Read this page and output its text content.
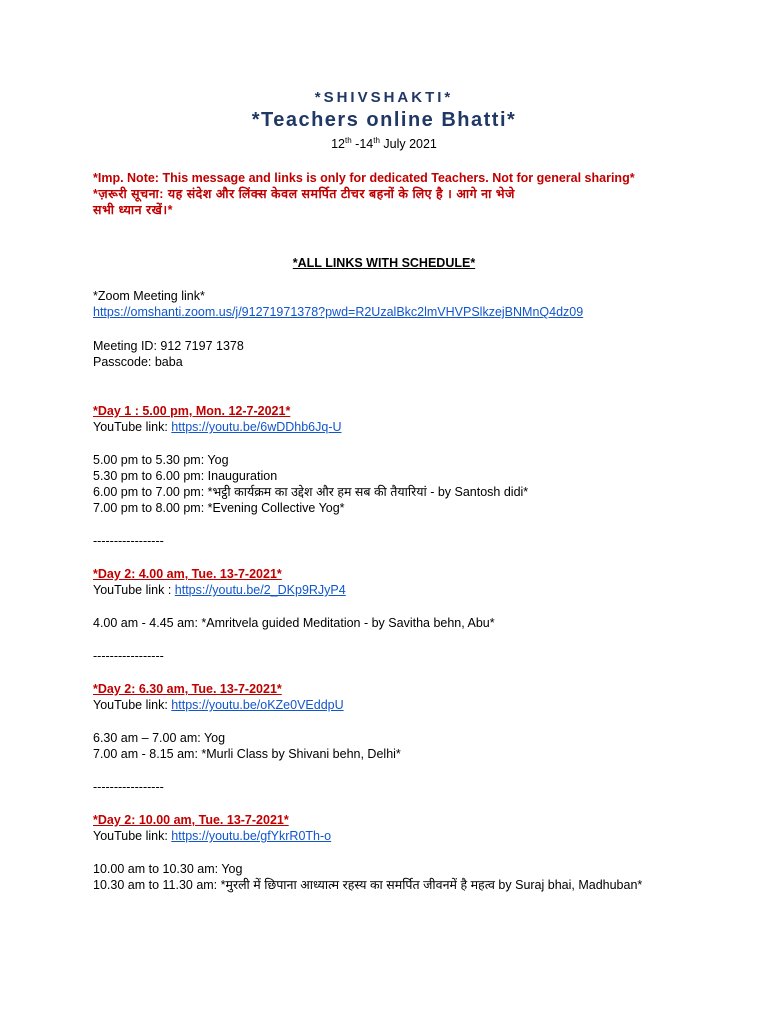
*SHIVSHAKTI*
*Teachers online Bhatti*
12th -14th July 2021
*Imp. Note: This message and links is only for dedicated Teachers. Not for general sharing*
*ज़रूरी सूचना: यह संदेश और लिंक्स केवल समर्पित टीचर बहनों के लिए है । आगे ना भेजे
सभी ध्यान रखें।*
*ALL LINKS WITH SCHEDULE*
*Zoom Meeting link*
https://omshanti.zoom.us/j/91271971378?pwd=R2UzalBkc2lmVHVPSlkzejBNMnQ4dz09
Meeting ID: 912 7197 1378
Passcode: baba
*Day 1 : 5.00 pm, Mon. 12-7-2021*
YouTube link: https://youtu.be/6wDDhb6Jq-U
5.00 pm to 5.30 pm: Yog
5.30 pm to 6.00 pm: Inauguration
6.00 pm to 7.00 pm: *भट्ठी कार्यक्रम का उद्देश और हम सब की तैयारियां - by Santosh didi*
7.00 pm to 8.00 pm: *Evening Collective Yog*
-----------------
*Day 2: 4.00 am, Tue. 13-7-2021*
YouTube link : https://youtu.be/2_DKp9RJyP4
4.00 am - 4.45 am: *Amritvela guided Meditation - by Savitha behn, Abu*
-----------------
*Day 2: 6.30 am, Tue. 13-7-2021*
YouTube link: https://youtu.be/oKZe0VEddpU
6.30 am – 7.00 am: Yog
7.00 am - 8.15 am: *Murli Class by Shivani behn, Delhi*
-----------------
*Day 2: 10.00 am, Tue. 13-7-2021*
YouTube link: https://youtu.be/gfYkrR0Th-o
10.00 am to 10.30 am: Yog
10.30 am to 11.30 am: *मुरली में छिपाना आध्यात्म रहस्य का समर्पित जीवनमें है महत्व by Suraj bhai, Madhuban*
